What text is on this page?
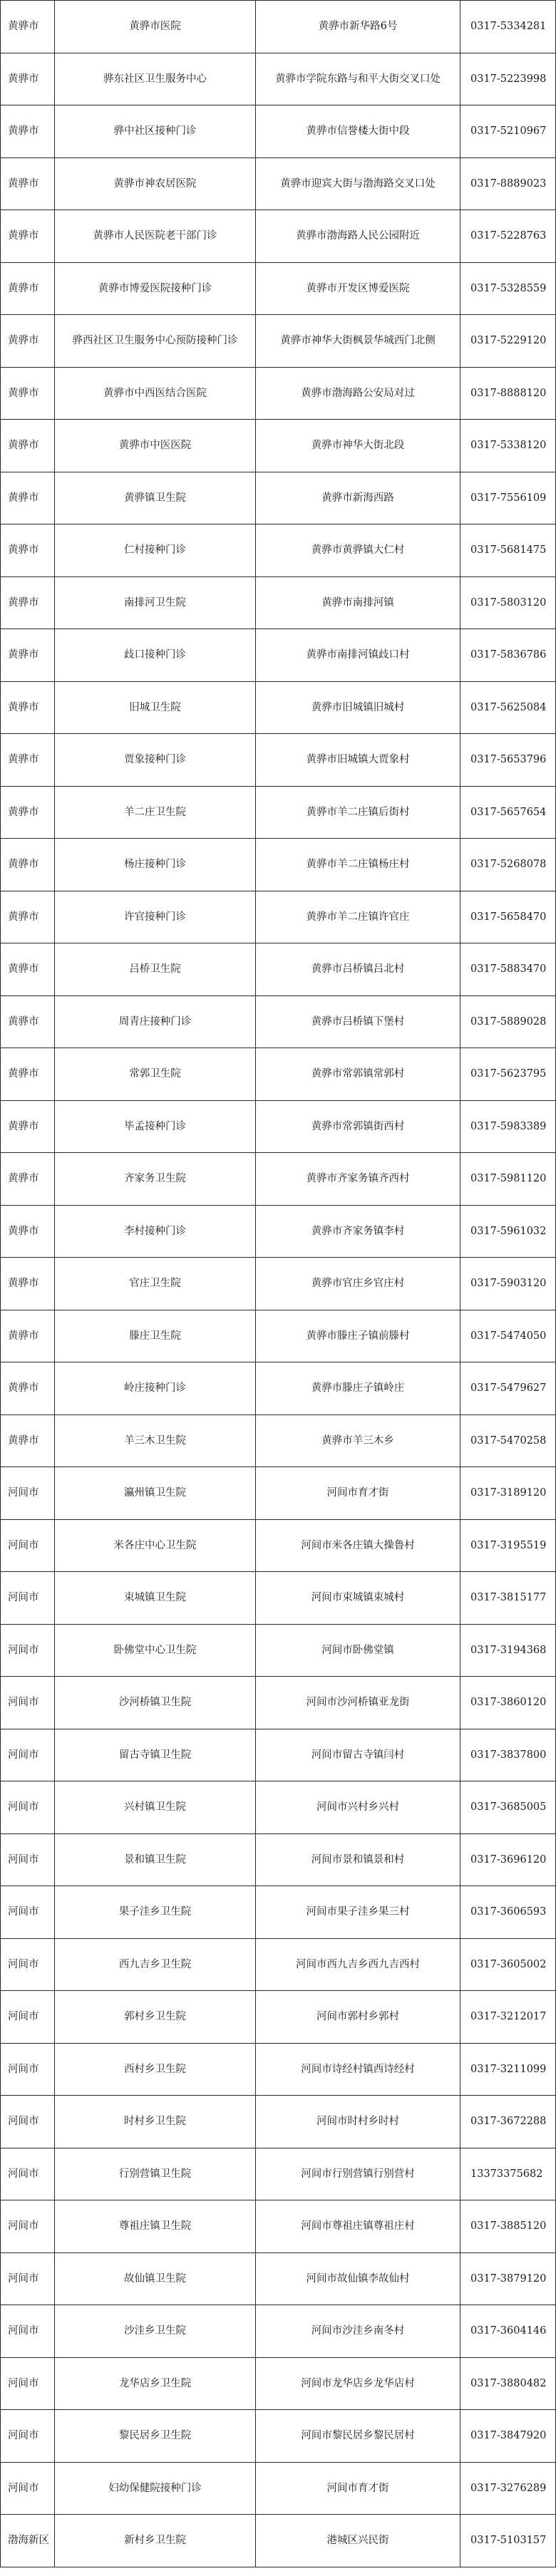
黄骅市	黄骅市医院	黄骅市新华路6号	0317-5334281
黄骅市	骅东社区卫生服务中心	黄骅市学院东路与和平大街交叉口处	0317-5223998
黄骅市	骅中社区接种门诊	黄骅市信誉楼大街中段	0317-5210967
黄骅市	黄骅市神农居医院	黄骅市迎宾大街与渤海路交叉口处	0317-8889023
黄骅市	黄骅市人民医院老干部门诊	黄骅市渤海路人民公园附近	0317-5228763
黄骅市	黄骅市博爱医院接种门诊	黄骅市开发区博爱医院	0317-5328559
黄骅市	骅西社区卫生服务中心预防接种门诊	黄骅市神华大街枫景华城西门北侧	0317-5229120
黄骅市	黄骅市中西医结合医院	黄骅市渤海路公安局对过	0317-8888120
黄骅市	黄骅市中医医院	黄骅市神华大街北段	0317-5338120
黄骅市	黄骅镇卫生院	黄骅市新海西路	0317-7556109
黄骅市	仁村接种门诊	黄骅市黄骅镇大仁村	0317-5681475
黄骅市	南排河卫生院	黄骅市南排河镇	0317-5803120
黄骅市	歧口接种门诊	黄骅市南排河镇歧口村	0317-5836786
黄骅市	旧城卫生院	黄骅市旧城镇旧城村	0317-5625084
黄骅市	贾象接种门诊	黄骅市旧城镇大贾象村	0317-5653796
黄骅市	羊二庄卫生院	黄骅市羊二庄镇后街村	0317-5657654
黄骅市	杨庄接种门诊	黄骅市羊二庄镇杨庄村	0317-5268078
黄骅市	许官接种门诊	黄骅市羊二庄镇许官庄	0317-5658470
黄骅市	吕桥卫生院	黄骅市吕桥镇吕北村	0317-5883470
黄骅市	周青庄接种门诊	黄骅市吕桥镇下堡村	0317-5889028
黄骅市	常郭卫生院	黄骅市常郭镇常郭村	0317-5623795
黄骅市	毕孟接种门诊	黄骅市常郭镇街西村	0317-5983389
黄骅市	齐家务卫生院	黄骅市齐家务镇齐西村	0317-5981120
黄骅市	李村接种门诊	黄骅市齐家务镇李村	0317-5961032
黄骅市	官庄卫生院	黄骅市官庄乡官庄村	0317-5903120
黄骅市	滕庄卫生院	黄骅市滕庄子镇前滕村	0317-5474050
黄骅市	岭庄接种门诊	黄骅市滕庄子镇岭庄	0317-5479627
黄骅市	羊三木卫生院	黄骅市羊三木乡	0317-5470258
河间市	瀛州镇卫生院	河间市育才街	0317-3189120
河间市	米各庄中心卫生院	河间市米各庄镇大操鲁村	0317-3195519
河间市	束城镇卫生院	河间市束城镇束城村	0317-3815177
河间市	卧佛堂中心卫生院	河间市卧佛堂镇	0317-3194368
河间市	沙河桥镇卫生院	河间市沙河桥镇亚龙街	0317-3860120
河间市	留古寺镇卫生院	河间市留古寺镇闫村	0317-3837800
河间市	兴村镇卫生院	河间市兴村乡兴村	0317-3685005
河间市	景和镇卫生院	河间市景和镇景和村	0317-3696120
河间市	果子洼乡卫生院	河间市果子洼乡果三村	0317-3606593
河间市	西九吉乡卫生院	河间市西九吉乡西九吉西村	0317-3605002
河间市	郭村乡卫生院	河间市郭村乡郭村	0317-3212017
河间市	西村乡卫生院	河间市诗经村镇西诗经村	0317-3211099
河间市	时村乡卫生院	河间市时村乡时村	0317-3672288
河间市	行别营镇卫生院	河间市行别营镇行别营村	13373375682
河间市	尊祖庄镇卫生院	河间市尊祖庄镇尊祖庄村	0317-3885120
河间市	故仙镇卫生院	河间市故仙镇李故仙村	0317-3879120
河间市	沙洼乡卫生院	河间市沙洼乡南冬村	0317-3604146
河间市	龙华店乡卫生院	河间市龙华店乡龙华店村	0317-3880482
河间市	黎民居乡卫生院	河间市黎民居乡黎民居村	0317-3847920
河间市	妇幼保健院接种门诊	河间市育才街	0317-3276289
渤海新区	新村乡卫生院	港城区兴民街	0317-5103157
